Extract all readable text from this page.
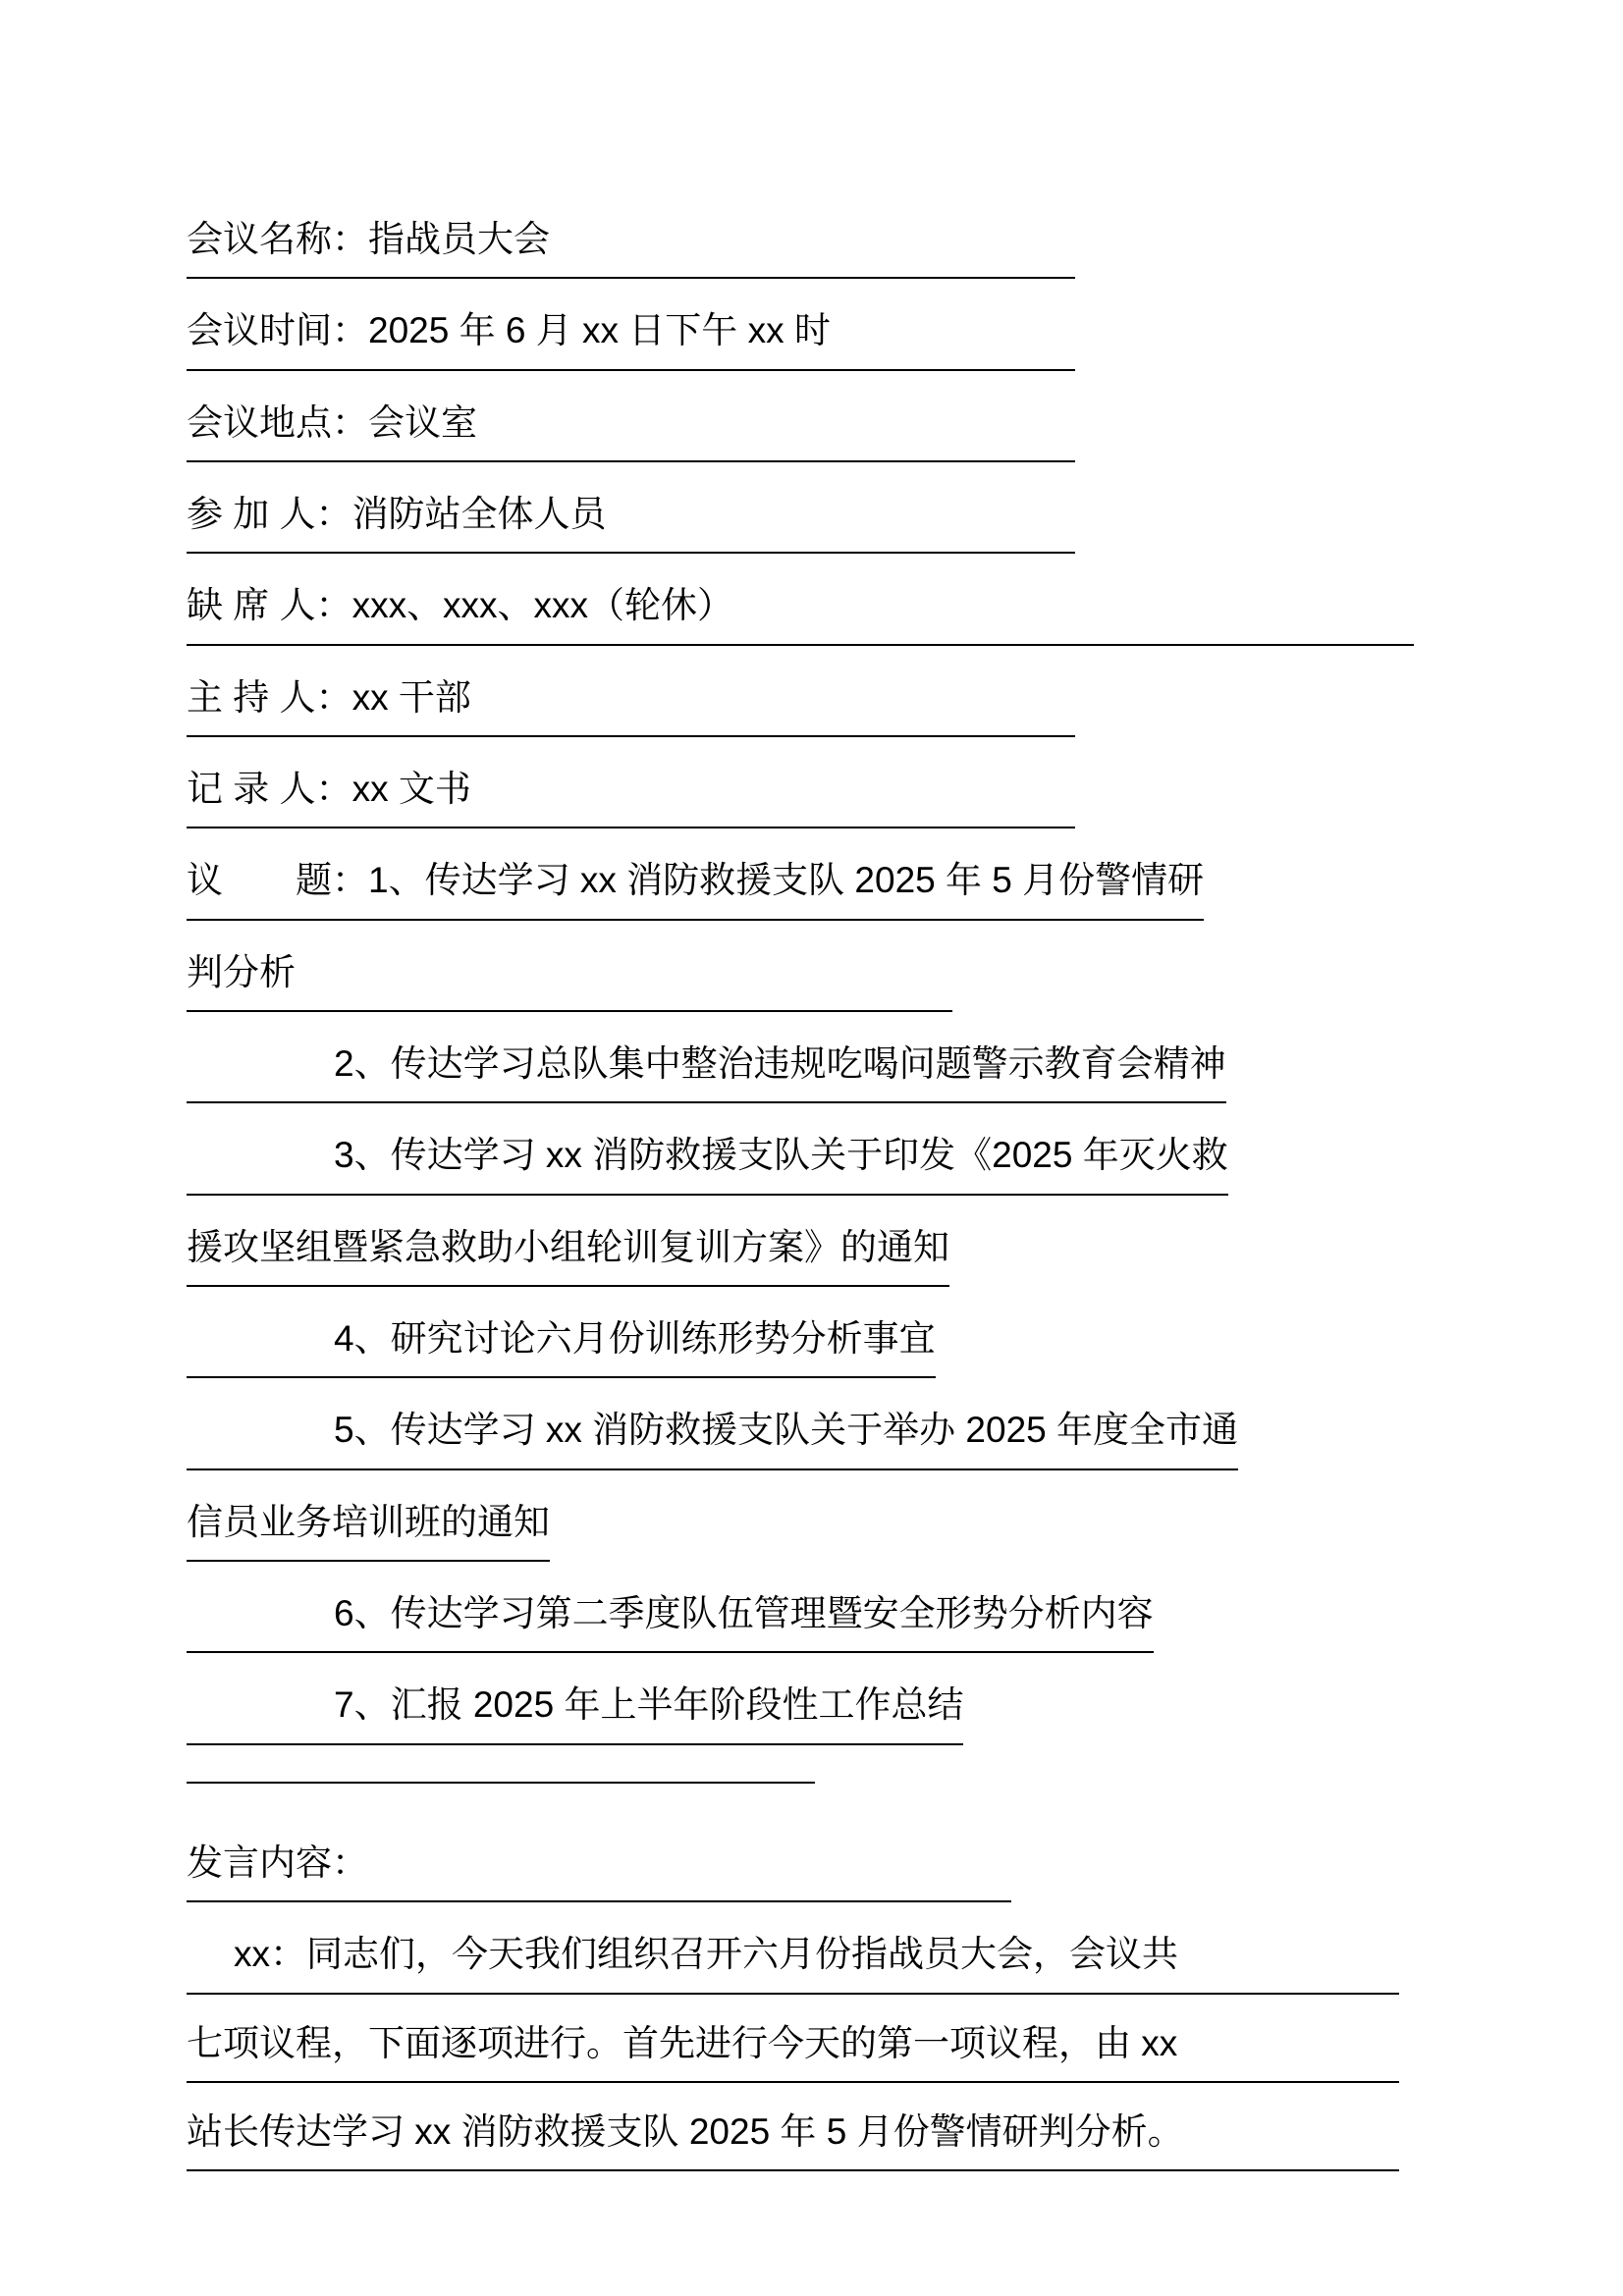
会议名称：指战员大会
会议时间：2025 年 6 月 xx 日下午 xx 时
会议地点：会议室
参 加 人：消防站全体人员
缺 席 人：xxx、xxx、xxx（轮休）
主 持 人：xx 干部
记 录 人：xx 文书
议　　题：1、传达学习 xx 消防救援支队 2025 年 5 月份警情研
判分析
2、传达学习总队集中整治违规吃喝问题警示教育会精神
3、传达学习 xx 消防救援支队关于印发《2025 年灭火救
援攻坚组暨紧急救助小组轮训复训方案》的通知
4、研究讨论六月份训练形势分析事宜
5、传达学习 xx 消防救援支队关于举办 2025 年度全市通
信员业务培训班的通知
6、传达学习第二季度队伍管理暨安全形势分析内容
7、汇报 2025 年上半年阶段性工作总结
发言内容：
xx：同志们，今天我们组织召开六月份指战员大会，会议共
七项议程，下面逐项进行。首先进行今天的第一项议程，由 xx
站长传达学习 xx 消防救援支队 2025 年 5 月份警情研判分析。
